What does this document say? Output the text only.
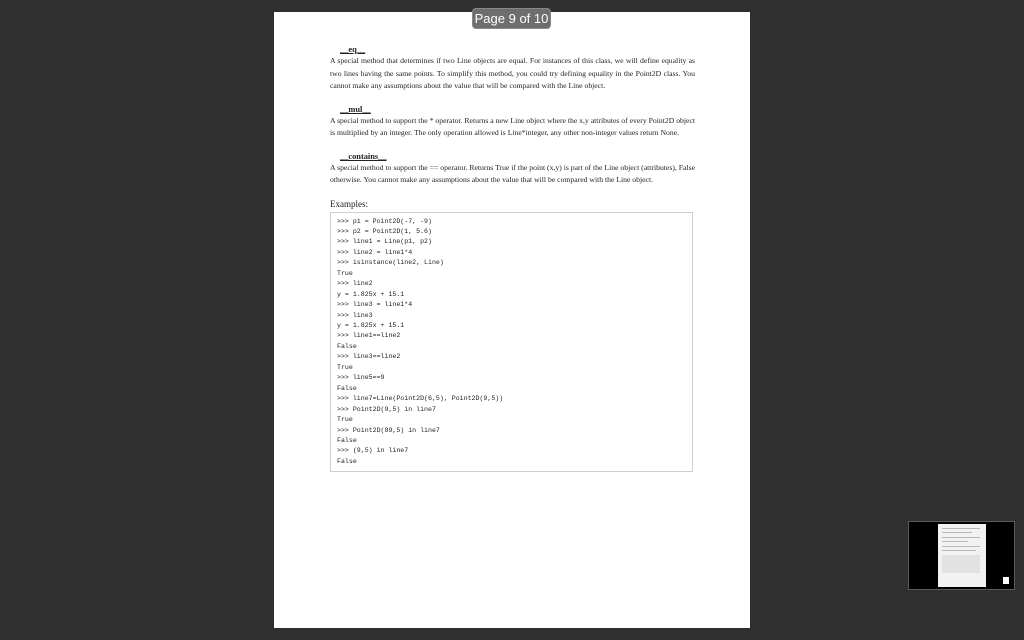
Page 9 of 10
__eq__
A special method that determines if two Line objects are equal. For instances of this class, we will define equality as two lines having the same points. To simplify this method, you could try defining equality in the Point2D class. You cannot make any assumptions about the value that will be compared with the Line object.
__mul__
A special method to support the * operator. Returns a new Line object where the x,y attributes of every Point2D object is multiplied by an integer. The only operation allowed is Line*integer, any other non-integer values return None.
__contains__
A special method to support the == operator. Returns True if the point (x,y) is part of the Line object (attributes), False otherwise. You cannot make any assumptions about the value that will be compared with the Line object.
Examples:
>>> p1 = Point2D(-7, -9)
>>> p2 = Point2D(1, 5.6)
>>> line1 = Line(p1, p2)
>>> line2 = line1*4
>>> isinstance(line2, Line)
True
>>> line2
y = 1.825x + 15.1
>>> line3 = line1*4
>>> line3
y = 1.825x + 15.1
>>> line1==line2
False
>>> line3==line2
True
>>> line5==9
False
>>> line7=Line(Point2D(6,5), Point2D(9,5))
>>> Point2D(9,5) in line7
True
>>> Point2D(89,5) in line7
False
>>> (9,5) in line7
False
